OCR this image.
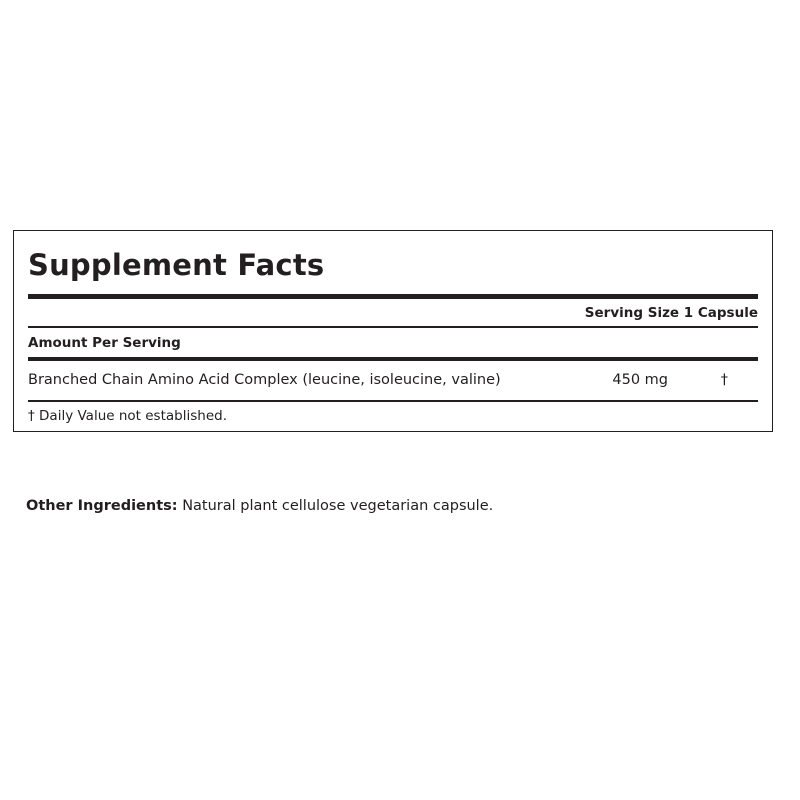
Supplement Facts
Serving Size 1 Capsule
Amount Per Serving
Branched Chain Amino Acid Complex (leucine, isoleucine, valine)	450 mg	†
† Daily Value not established.
Other Ingredients: Natural plant cellulose vegetarian capsule.
